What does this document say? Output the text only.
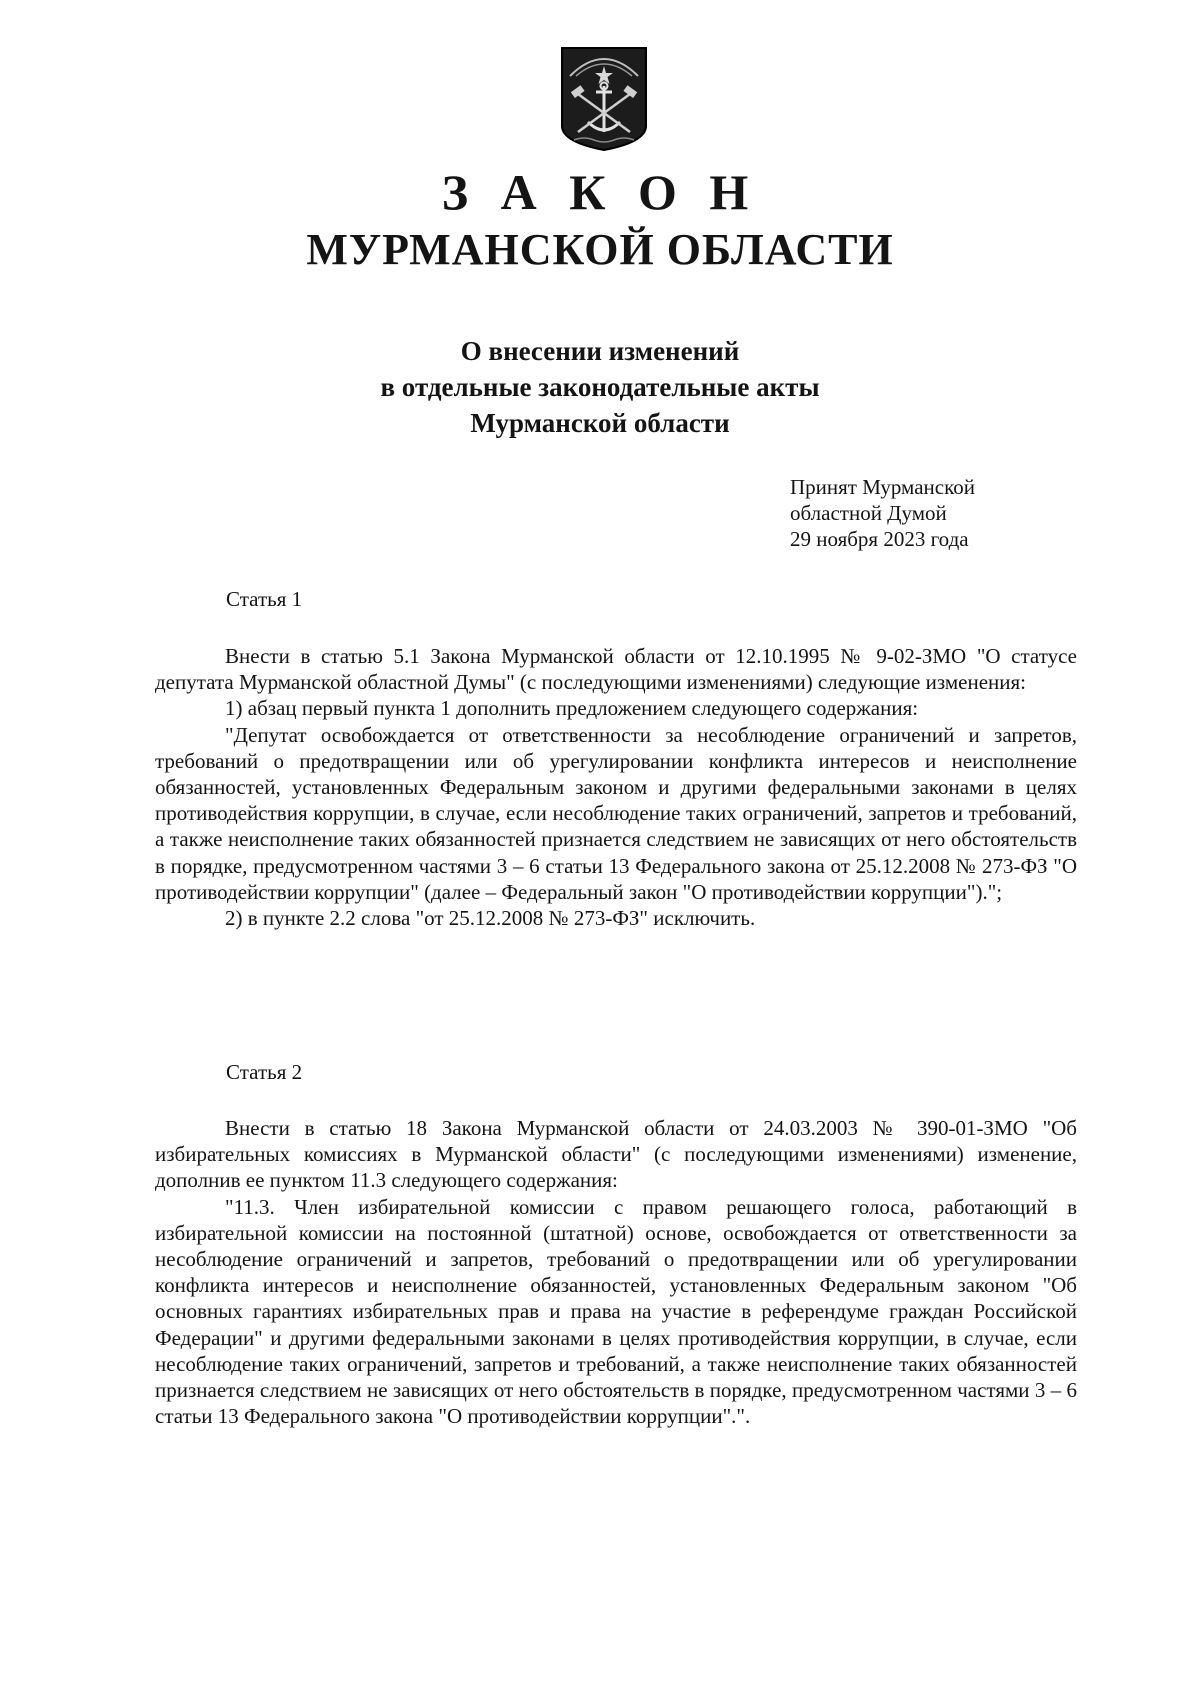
З А К О Н
МУРМАНСКОЙ ОБЛАСТИ
О внесении изменений
в отдельные законодательные акты
Мурманской области
Принят Мурманской
областной Думой
29 ноября 2023 года
Статья 1

Внести в статью 5.1 Закона Мурманской области от 12.10.1995 № 9-02-ЗМО "О статусе депутата Мурманской областной Думы" (с последующими изменениями) следующие изменения:

1) абзац первый пункта 1 дополнить предложением следующего содержания:

"Депутат освобождается от ответственности за несоблюдение ограничений и запретов, требований о предотвращении или об урегулировании конфликта интересов и неисполнение обязанностей, установленных Федеральным законом и другими федеральными законами в целях противодействия коррупции, в случае, если несоблюдение таких ограничений, запретов и требований, а также неисполнение таких обязанностей признается следствием не зависящих от него обстоятельств в порядке, предусмотренном частями 3 – 6 статьи 13 Федерального закона от 25.12.2008 № 273-ФЗ "О противодействии коррупции" (далее – Федеральный закон "О противодействии коррупции").";

2) в пункте 2.2 слова "от 25.12.2008 № 273-ФЗ" исключить.

Статья 2

Внести в статью 18 Закона Мурманской области от 24.03.2003 № 390-01-ЗМО "Об избирательных комиссиях в Мурманской области" (с последующими изменениями) изменение, дополнив ее пунктом 11.3 следующего содержания:

"11.3. Член избирательной комиссии с правом решающего голоса, работающий в избирательной комиссии на постоянной (штатной) основе, освобождается от ответственности за несоблюдение ограничений и запретов, требований о предотвращении или об урегулировании конфликта интересов и неисполнение обязанностей, установленных Федеральным законом "Об основных гарантиях избирательных прав и права на участие в референдуме граждан Российской Федерации" и другими федеральными законами в целях противодействия коррупции, в случае, если несоблюдение таких ограничений, запретов и требований, а также неисполнение таких обязанностей признается следствием не зависящих от него обстоятельств в порядке, предусмотренном частями 3 – 6 статьи 13 Федерального закона "О противодействии коррупции".".
